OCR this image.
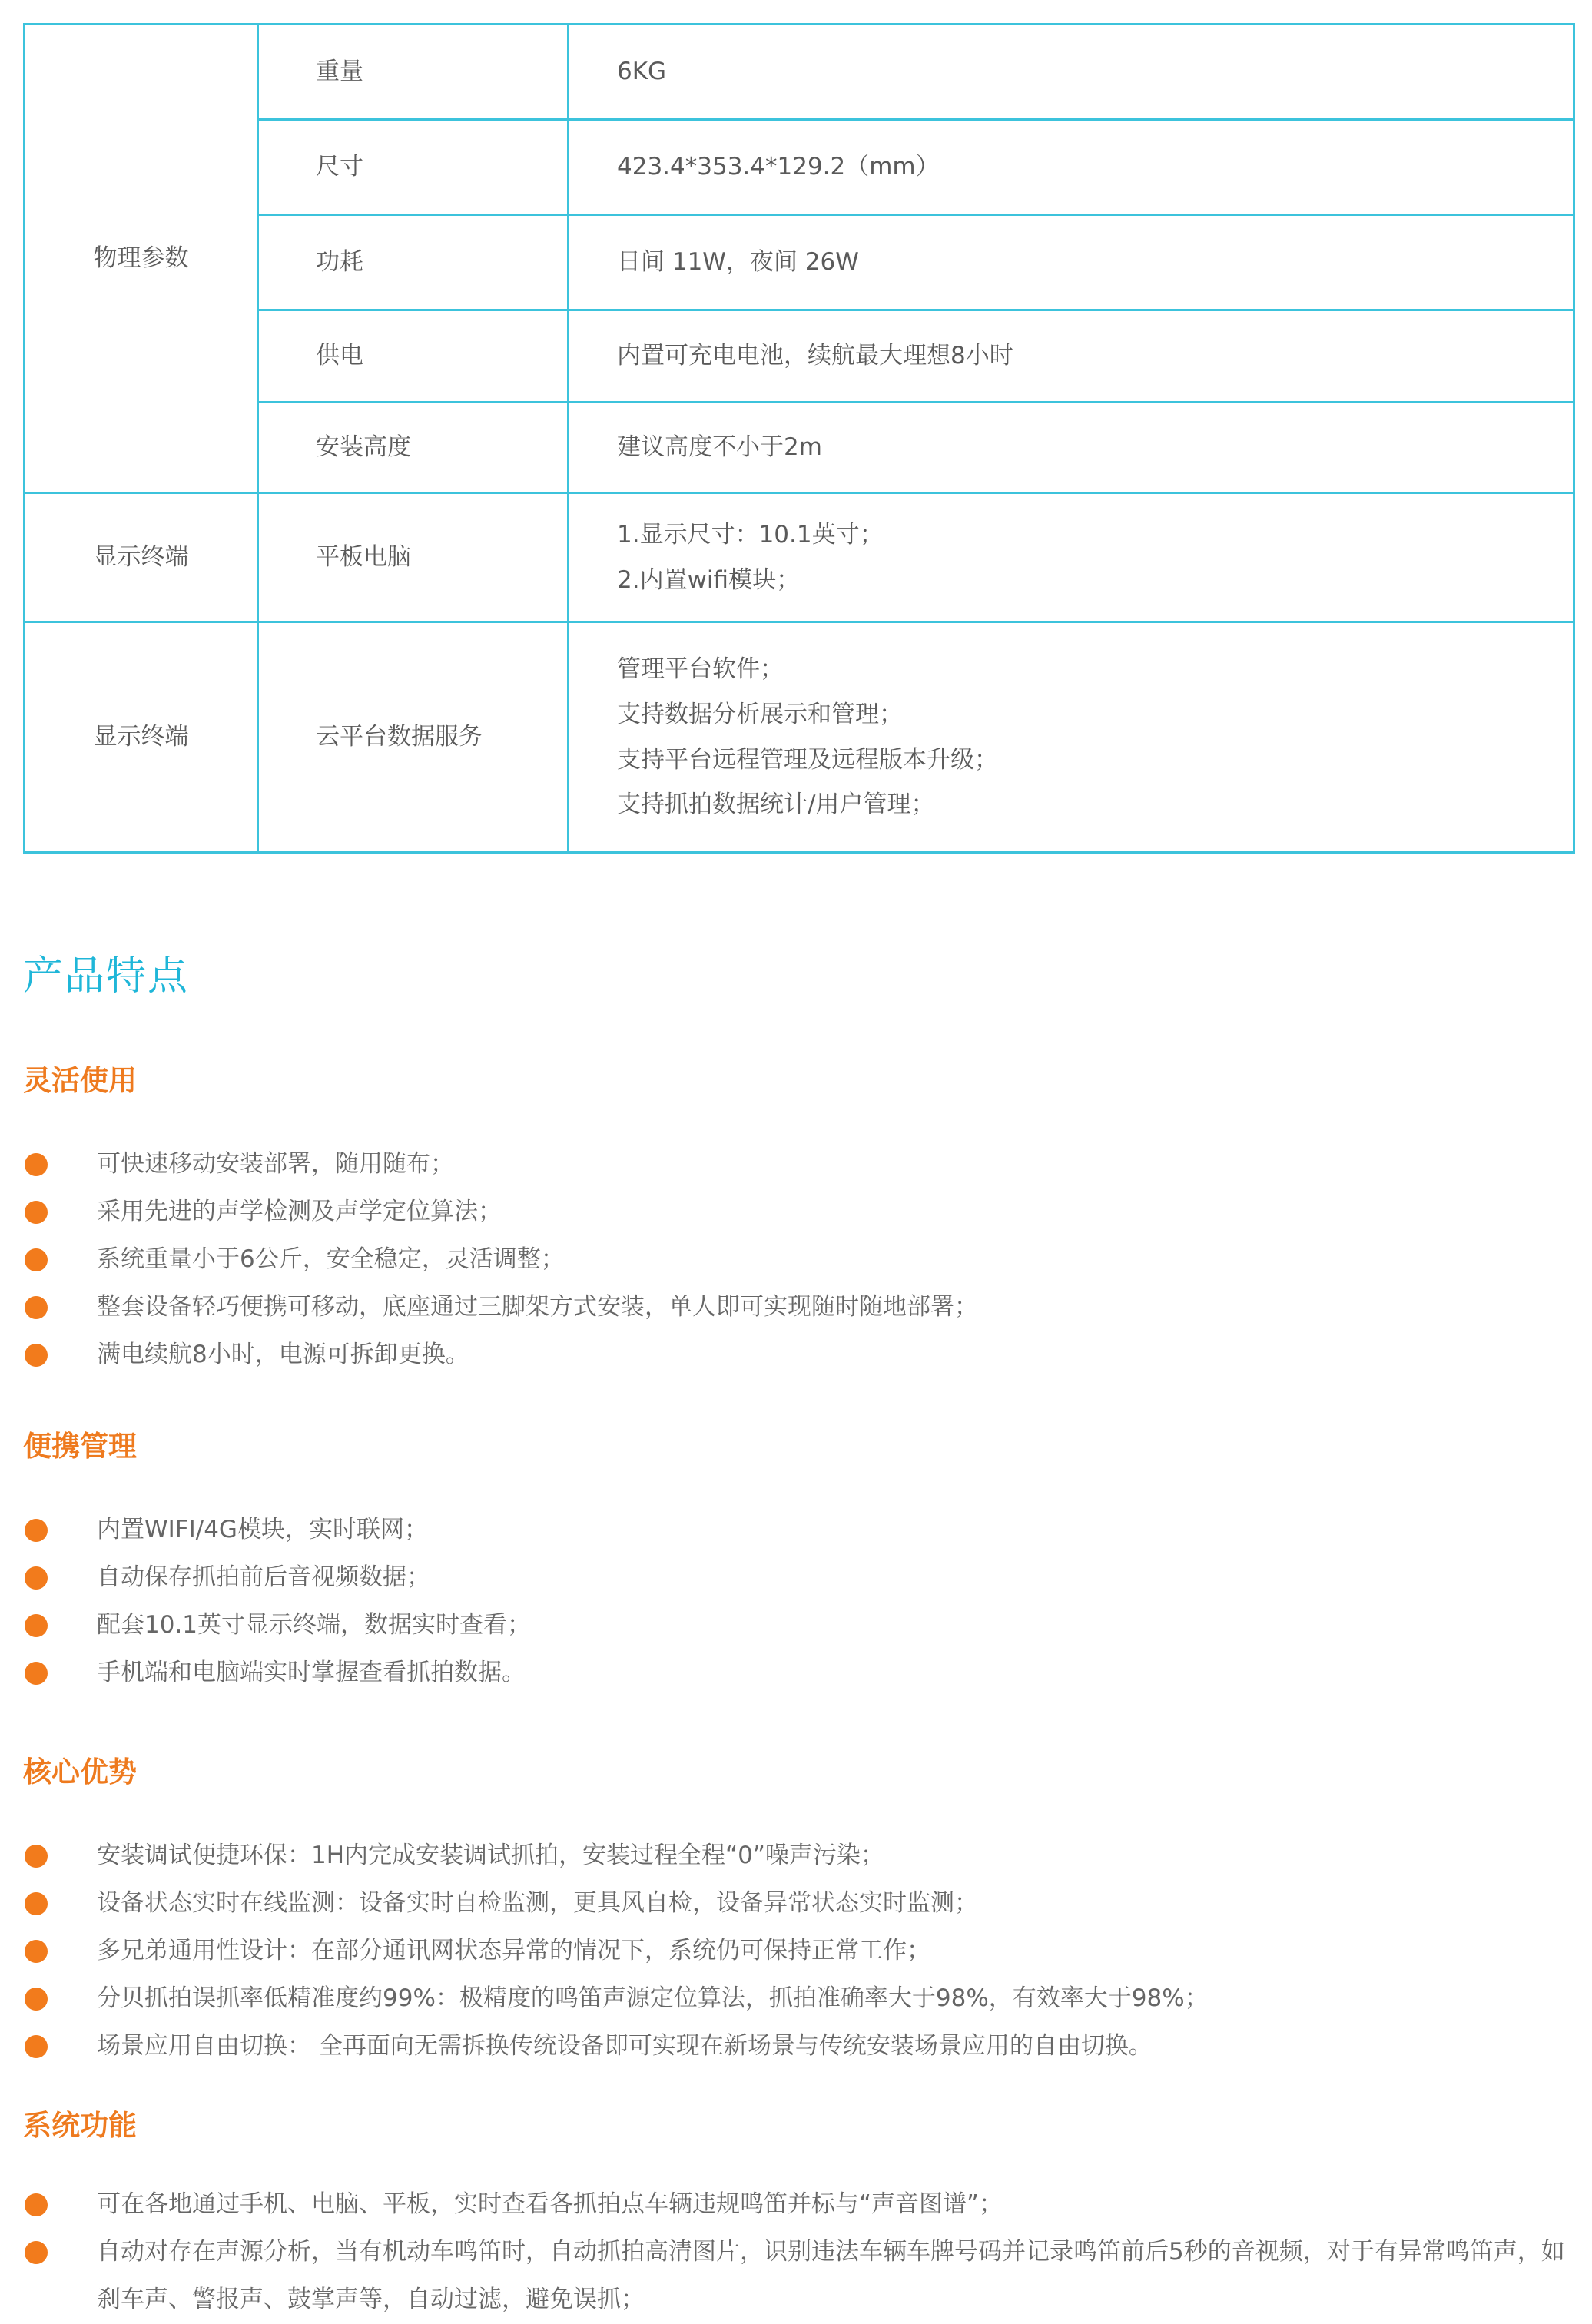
物理参数	重量	6KG

	尺寸	423.4*353.4*129.2（mm）

	功耗	日间 11W，夜间 26W

	供电	内置可充电电池，续航最大理想8小时

	安装高度	建议高度不小于2m

显示终端	平板电脑	1.显示尺寸：10.1英寸；
2.内置wifi模块；

显示终端	云平台数据服务	管理平台软件；
支持数据分析展示和管理；
支持平台远程管理及远程版本升级；
支持抓拍数据统计/用户管理；
产品特点
灵活使用
可快速移动安装部署，随用随布；
采用先进的声学检测及声学定位算法；
系统重量小于6公斤，安全稳定，灵活调整；
整套设备轻巧便携可移动，底座通过三脚架方式安装，单人即可实现随时随地部署；
满电续航8小时，电源可拆卸更换。
便携管理
内置WIFI/4G模块，实时联网；
自动保存抓拍前后音视频数据；
配套10.1英寸显示终端，数据实时查看；
手机端和电脑端实时掌握查看抓拍数据。
核心优势
安装调试便捷环保：1H内完成安装调试抓拍，安装过程全程“0”噪声污染；
设备状态实时在线监测：设备实时自检监测，更具风自检，设备异常状态实时监测；
多兄弟通用性设计：在部分通讯网状态异常的情况下，系统仍可保持正常工作；
分贝抓拍误抓率低精准度约99%：极精度的鸣笛声源定位算法，抓拍准确率大于98%，有效率大于98%；
场景应用自由切换： 全再面向无需拆换传统设备即可实现在新场景与传统安装场景应用的自由切换。
系统功能
可在各地通过手机、电脑、平板，实时查看各抓拍点车辆违规鸣笛并标与“声音图谱”；
自动对存在声源分析，当有机动车鸣笛时，自动抓拍高清图片，识别违法车辆车牌号码并记录鸣笛前后5秒的音视频，对于有异常鸣笛声，如刹车声、警报声、鼓掌声等，自动过滤，避免误抓；
